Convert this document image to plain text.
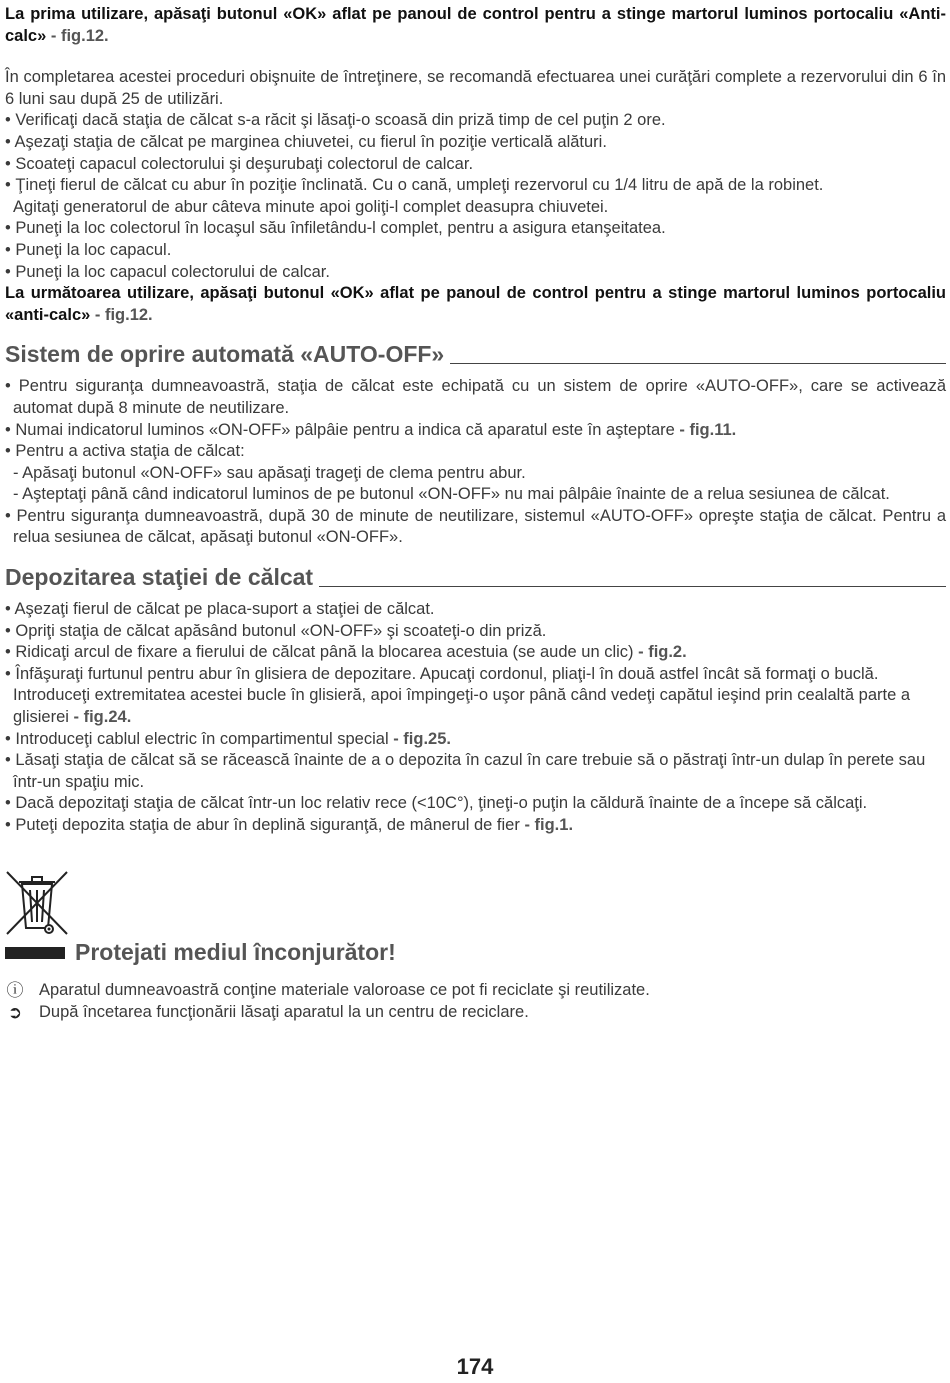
La prima utilizare, apăsaţi butonul «OK» aflat pe panoul de control pentru a stinge martorul luminos portocaliu «Anti-calc» - fig.12.

În completarea acestei proceduri obişnuite de întreţinere, se recomandă efectuarea unei curăţări complete a rezervorului din 6 în 6 luni sau după 25 de utilizări.

• Verificaţi dacă staţia de călcat s-a răcit şi lăsaţi-o scoasă din priză timp de cel puţin 2 ore.
• Aşezaţi staţia de călcat pe marginea chiuvetei, cu fierul în poziţie verticală alături.
• Scoateţi capacul colectorului şi deşurubaţi colectorul de calcar.
• Ţineţi fierul de călcat cu abur în poziţie înclinată. Cu o cană, umpleţi rezervorul cu 1/4 litru de apă de la robinet.
Agitaţi generatorul de abur câteva minute apoi goliţi-l complet deasupra chiuvetei.
• Puneţi la loc colectorul în locaşul său înfiletându-l complet, pentru a asigura etanşeitatea.
• Puneţi la loc capacul.
• Puneţi la loc capacul colectorului de calcar.

La următoarea utilizare, apăsaţi butonul «OK» aflat pe panoul de control pentru a stinge martorul luminos portocaliu «anti-calc» - fig.12.

Sistem de oprire automată «AUTO-OFF»
• Pentru siguranţa dumneavoastră, staţia de călcat este echipată cu un sistem de oprire «AUTO-OFF», care se activează automat după 8 minute de neutilizare.
• Numai indicatorul luminos «ON-OFF» pâlpâie pentru a indica că aparatul este în aşteptare - fig.11.
• Pentru a activa staţia de călcat:
- Apăsaţi butonul «ON-OFF» sau apăsaţi trageţi de clema pentru abur.
- Aşteptaţi până când indicatorul luminos de pe butonul «ON-OFF» nu mai pâlpâie înainte de a relua sesiunea de călcat.
• Pentru siguranţa dumneavoastră, după 30 de minute de neutilizare, sistemul «AUTO-OFF» opreşte staţia de călcat. Pentru a relua sesiunea de călcat, apăsaţi butonul «ON-OFF».
Depozitarea staţiei de călcat
• Aşezaţi fierul de călcat pe placa-suport a staţiei de călcat.
• Opriţi staţia de călcat apăsând butonul «ON-OFF» şi scoateţi-o din priză.
• Ridicaţi arcul de fixare a fierului de călcat până la blocarea acestuia (se aude un clic) - fig.2.
• Înfăşuraţi furtunul pentru abur în glisiera de depozitare. Apucaţi cordonul, pliaţi-l în două astfel încât să formaţi o buclă. Introduceţi extremitatea acestei bucle în glisieră, apoi împingeţi-o uşor până când vedeţi capătul ieşind prin cealaltă parte a glisierei - fig.24.
• Introduceţi cablul electric în compartimentul special - fig.25.
• Lăsaţi staţia de călcat să se răcească înainte de a o depozita în cazul în care trebuie să o păstraţi într-un dulap în perete sau într-un spaţiu mic.
• Dacă depozitaţi staţia de călcat într-un loc relativ rece (<10C°), ţineţi-o puţin la căldură înainte de a începe să călcaţi.
• Puteţi depozita staţia de abur în deplină siguranţă, de mânerul de fier - fig.1.
Protejati mediul înconjurător!
ⓘ Aparatul dumneavoastră conţine materiale valoroase ce pot fi reciclate şi reutilizate.
➲ După încetarea funcţionării lăsaţi aparatul la un centru de reciclare.
174
